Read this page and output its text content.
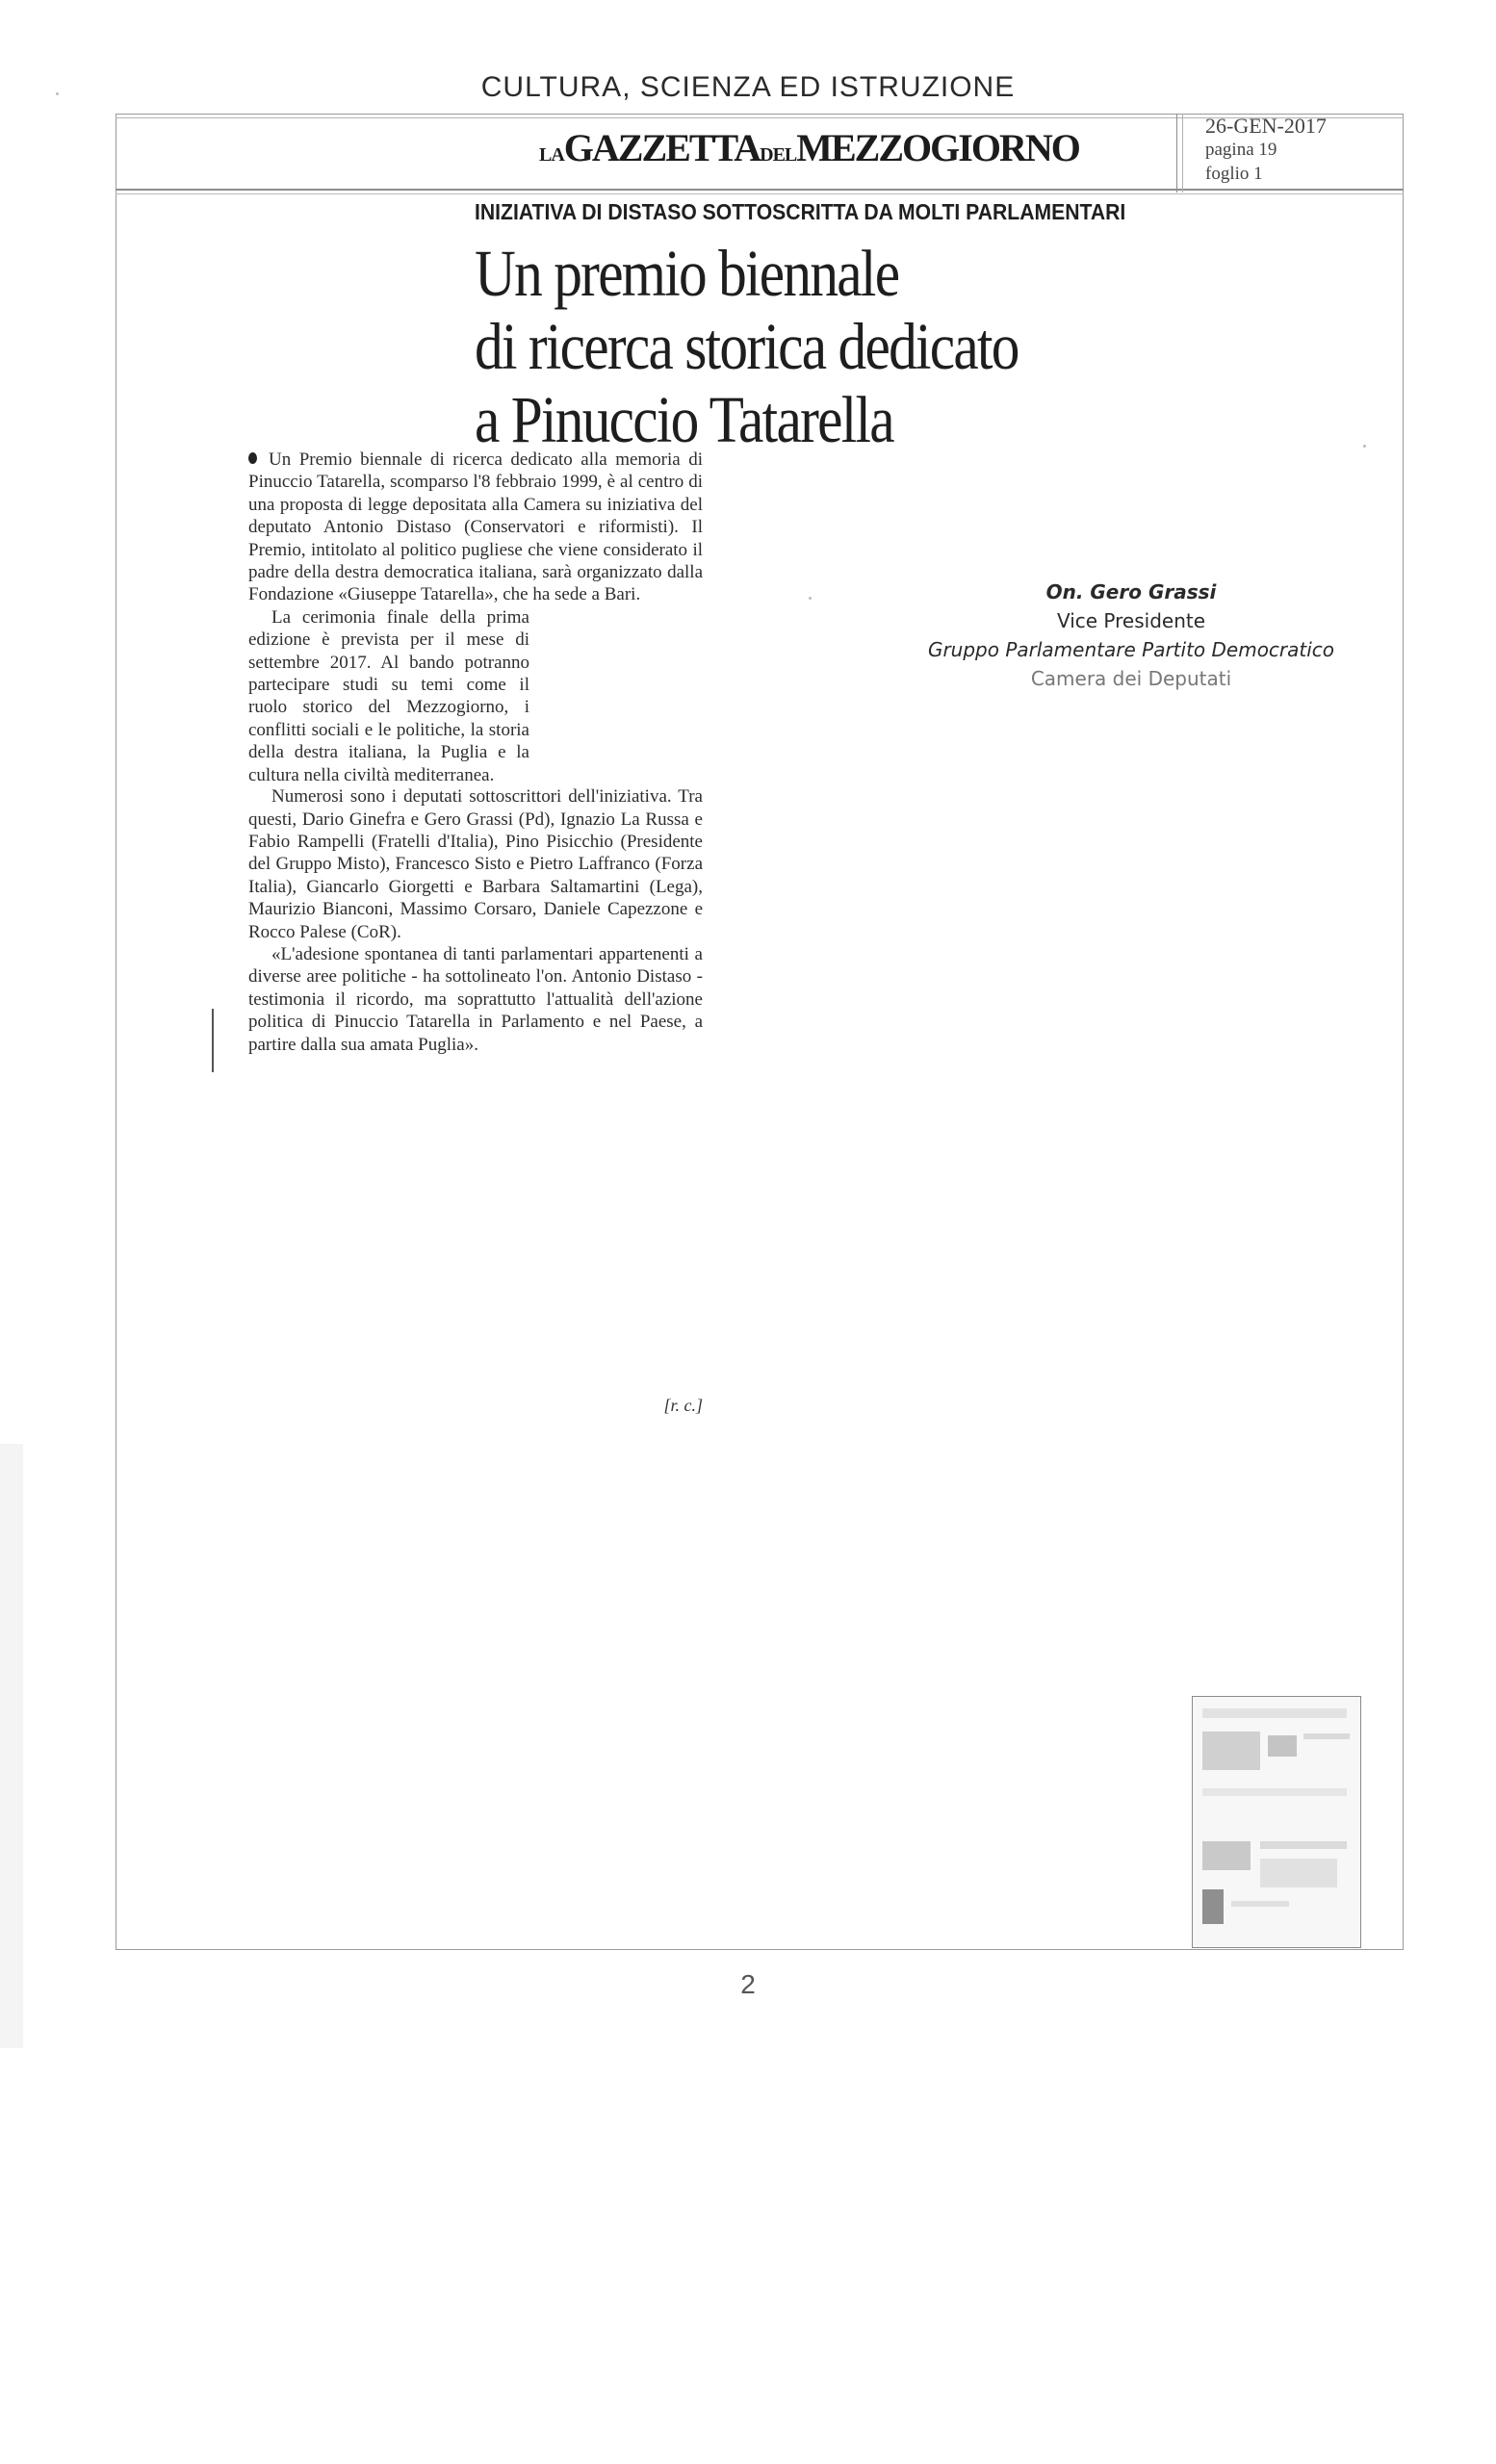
CULTURA, SCIENZA ED ISTRUZIONE
LAGAZZETTADELMEZZOGIORNO
26-GEN-2017
pagina 19
foglio 1
INIZIATIVA DI DISTASO SOTTOSCRITTA DA MOLTI PARLAMENTARI
Un premio biennale
di ricerca storica dedicato
a Pinuccio Tatarella

Un Premio biennale di ricerca dedicato alla memoria di Pinuccio Tatarella, scomparso l'8 febbraio 1999, è al centro di una proposta di legge depositata alla Camera su iniziativa del deputato Antonio Distaso (Conservatori e riformisti). Il Premio, intitolato al politico pugliese che viene considerato il padre della destra democratica italiana, sarà organizzato dalla Fondazione «Giuseppe Tatarella», che ha sede a Bari.

La cerimonia finale della prima edizione è prevista per il mese di settembre 2017. Al bando potranno partecipare studi su temi come il ruolo storico del Mezzogiorno, i conflitti sociali e le politiche, la storia della destra italiana, la Puglia e la cultura nella civiltà mediterranea.

Numerosi sono i deputati sottoscrittori dell'iniziativa. Tra questi, Dario Ginefra e Gero Grassi (Pd), Ignazio La Russa e Fabio Rampelli (Fratelli d'Italia), Pino Pisicchio (Presidente del Gruppo Misto), Francesco Sisto e Pietro Laffranco (Forza Italia), Giancarlo Giorgetti e Barbara Saltamartini (Lega), Maurizio Bianconi, Massimo Corsaro, Daniele Capezzone e Rocco Palese (CoR).

«L'adesione spontanea di tanti parlamentari appartenenti a diverse aree politiche - ha sottolineato l'on. Antonio Distaso - testimonia il ricordo, ma soprattutto l'attualità dell'azione politica di Pinuccio Tatarella in Parlamento e nel Paese, a partire dalla sua amata Puglia».

[r. c.]
On. Gero Grassi
Vice Presidente
Gruppo Parlamentare Partito Democratico
Camera dei Deputati
2
